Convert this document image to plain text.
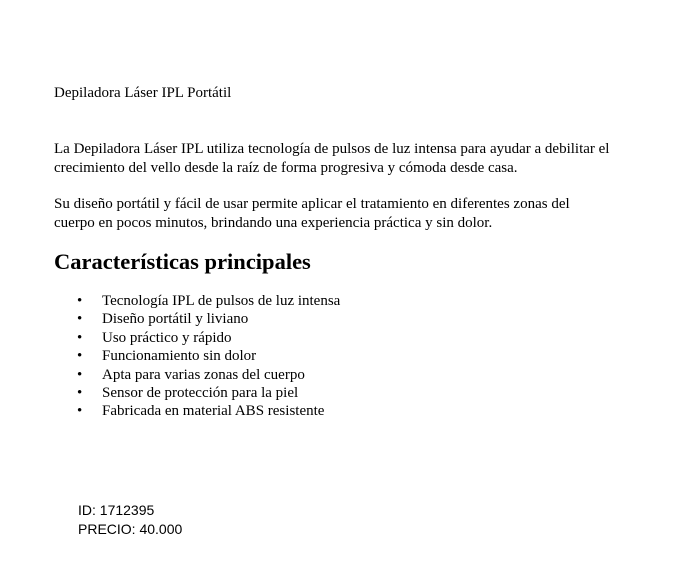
Depiladora Láser IPL Portátil

La Depiladora Láser IPL utiliza tecnología de pulsos de luz intensa para ayudar a debilitar el crecimiento del vello desde la raíz de forma progresiva y cómoda desde casa.

Su diseño portátil y fácil de usar permite aplicar el tratamiento en diferentes zonas del cuerpo en pocos minutos, brindando una experiencia práctica y sin dolor.

Características principales
• Tecnología IPL de pulsos de luz intensa
• Diseño portátil y liviano
• Uso práctico y rápido
• Funcionamiento sin dolor
• Apta para varias zonas del cuerpo
• Sensor de protección para la piel
• Fabricada en material ABS resistente
ID: 1712395
PRECIO: 40.000
